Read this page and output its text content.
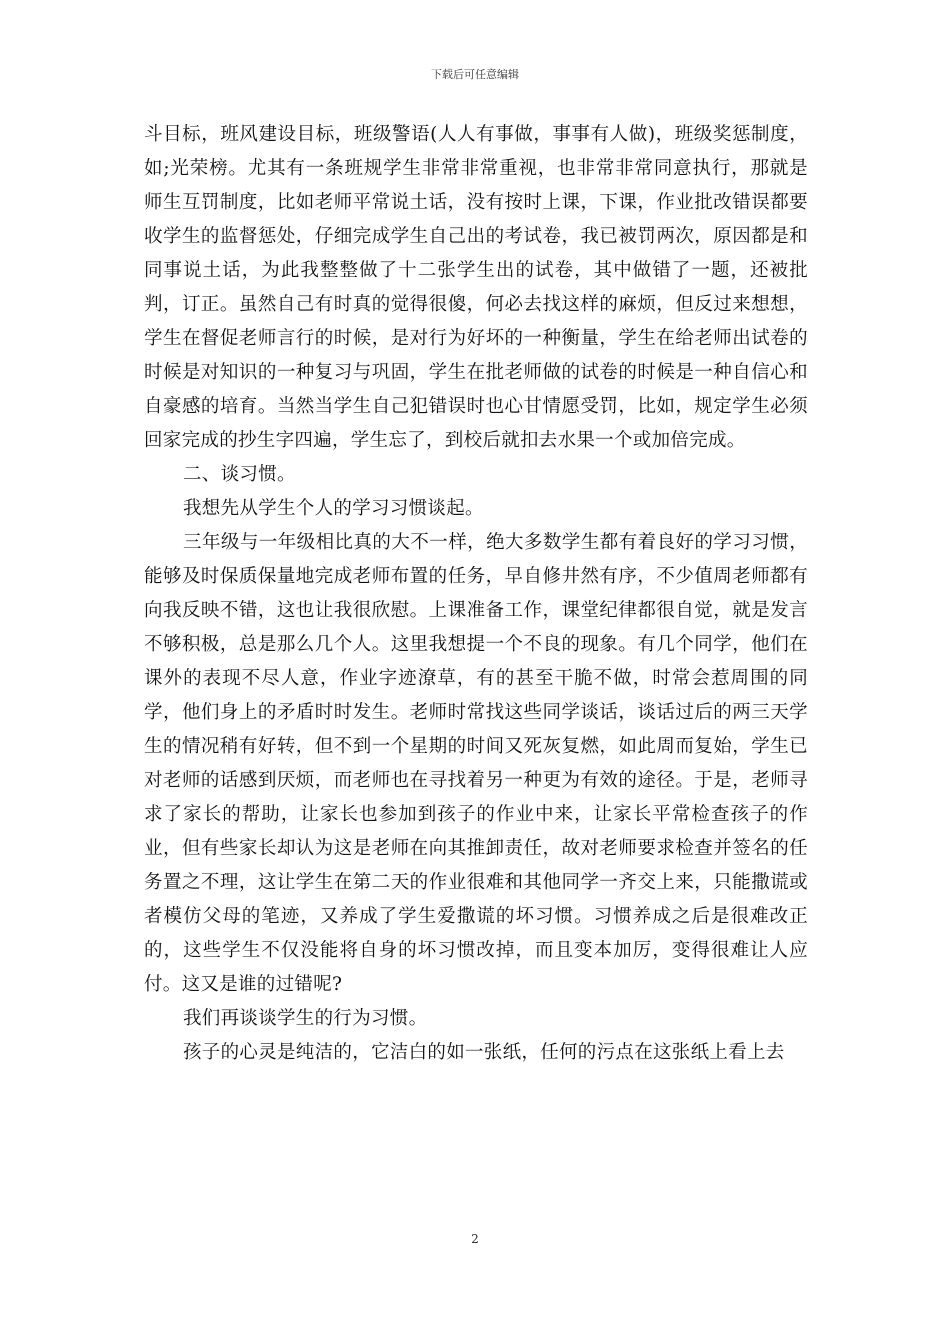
下载后可任意编辑

斗目标，班风建设目标，班级警语(人人有事做，事事有人做)，班级奖惩制度，如;光荣榜。尤其有一条班规学生非常非常重视，也非常非常同意执行，那就是师生互罚制度，比如老师平常说土话，没有按时上课，下课，作业批改错误都要收学生的监督惩处，仔细完成学生自己出的考试卷，我已被罚两次，原因都是和同事说土话，为此我整整做了十二张学生出的试卷，其中做错了一题，还被批判，订正。虽然自己有时真的觉得很傻，何必去找这样的麻烦，但反过来想想，学生在督促老师言行的时候，是对行为好坏的一种衡量，学生在给老师出试卷的时候是对知识的一种复习与巩固，学生在批老师做的试卷的时候是一种自信心和自豪感的培育。当然当学生自己犯错误时也心甘情愿受罚，比如，规定学生必须回家完成的抄生字四遍，学生忘了，到校后就扣去水果一个或加倍完成。

二、谈习惯。

我想先从学生个人的学习习惯谈起。

三年级与一年级相比真的大不一样，绝大多数学生都有着良好的学习习惯，能够及时保质保量地完成老师布置的任务，早自修井然有序，不少值周老师都有向我反映不错，这也让我很欣慰。上课准备工作，课堂纪律都很自觉，就是发言不够积极，总是那么几个人。这里我想提一个不良的现象。有几个同学，他们在课外的表现不尽人意，作业字迹潦草，有的甚至干脆不做，时常会惹周围的同学，他们身上的矛盾时时发生。老师时常找这些同学谈话，谈话过后的两三天学生的情况稍有好转，但不到一个星期的时间又死灰复燃，如此周而复始，学生已对老师的话感到厌烦，而老师也在寻找着另一种更为有效的途径。于是，老师寻求了家长的帮助，让家长也参加到孩子的作业中来，让家长平常检查孩子的作业，但有些家长却认为这是老师在向其推卸责任，故对老师要求检查并签名的任务置之不理，这让学生在第二天的作业很难和其他同学一齐交上来，只能撒谎或者模仿父母的笔迹，又养成了学生爱撒谎的坏习惯。习惯养成之后是很难改正的，这些学生不仅没能将自身的坏习惯改掉，而且变本加厉，变得很难让人应付。这又是谁的过错呢?

我们再谈谈学生的行为习惯。

孩子的心灵是纯洁的，它洁白的如一张纸，任何的污点在这张纸上看上去

2
